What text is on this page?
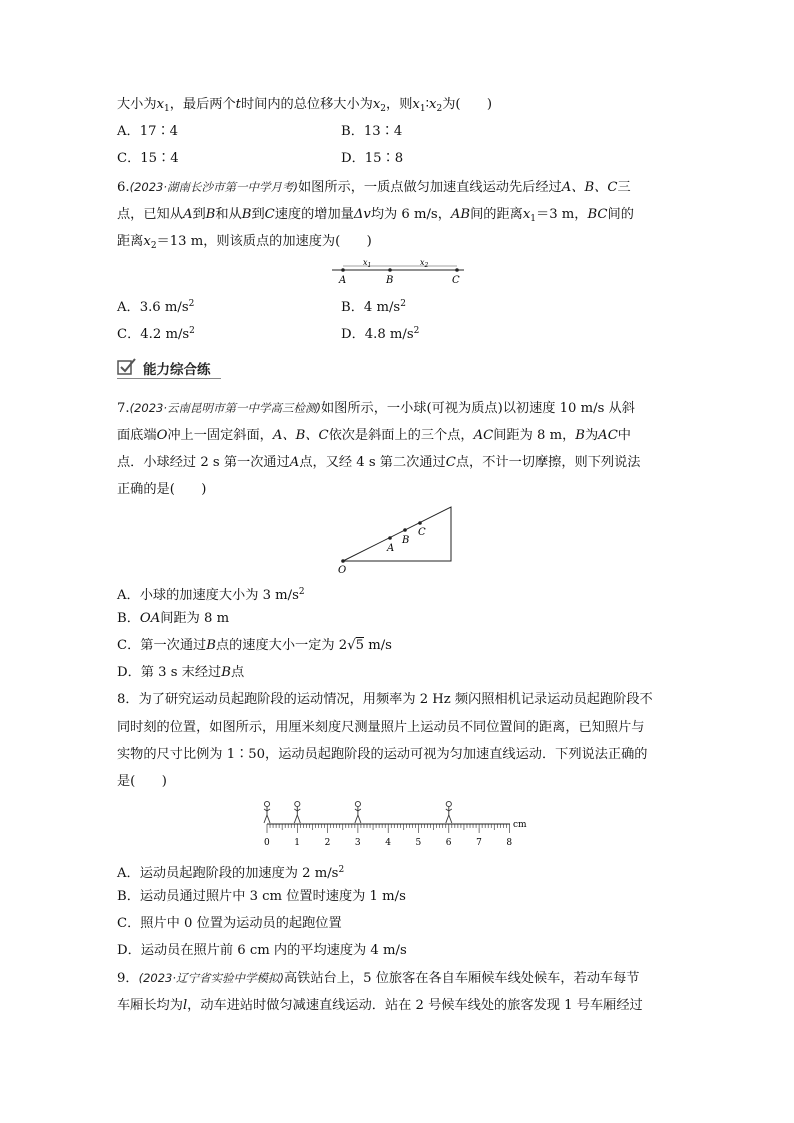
大小为$x_1$，最后两个t时间内的总位移大小为$x_2$，则$x_1∶x_2$为(　　)
A．17∶4	B．13∶4
C．15∶4	D．15∶8
6.(2023·湖南长沙市第一中学月考)如图所示，一质点做匀加速直线运动先后经过A、B、C三
点，已知从A到B和从B到C速度的增加量Δv均为 6 m/s，AB间的距离$x_1=3$ m，BC间的
距离$x_2=13$ m，则该质点的加速度为(　　)
$x_1$	$x_2$
A	B	C
A．3.6 $m/s^2$	B．4 $m/s^2$
C．4.2 $m/s^2$	D．4.8 $m/s^2$
能力综合练
7.(2023·云南昆明市第一中学高三检测)如图所示，一小球(可视为质点)以初速度 10 m/s 从斜
面底端O冲上一固定斜面，A、B、C依次是斜面上的三个点，AC间距为 8 m，B为AC中
点．小球经过 2 s 第一次通过A点，又经 4 s 第二次通过C点，不计一切摩擦，则下列说法
正确的是(　　)
O
A
B
C
A．小球的加速度大小为 3 $m/s^2$
B．OA间距为 8 m
C．第一次通过B点的速度大小一定为 2√5 m/s
D．第 3 s 末经过B点
8．为了研究运动员起跑阶段的运动情况，用频率为 2 Hz 频闪照相机记录运动员起跑阶段不
同时刻的位置，如图所示，用厘米刻度尺测量照片上运动员不同位置间的距离，已知照片与
实物的尺寸比例为 1∶50，运动员起跑阶段的运动可视为匀加速直线运动．下列说法正确的
是(　　)
0	1	2	3	4	5	6	7	8
cm
A．运动员起跑阶段的加速度为 2 $m/s^2$
B．运动员通过照片中 3 cm 位置时速度为 1 m/s
C．照片中 0 位置为运动员的起跑位置
D．运动员在照片前 6 cm 内的平均速度为 4 m/s
9．(2023·辽宁省实验中学模拟)高铁站台上，5 位旅客在各自车厢候车线处候车，若动车每节
车厢长均为l，动车进站时做匀减速直线运动．站在 2 号候车线处的旅客发现 1 号车厢经过
